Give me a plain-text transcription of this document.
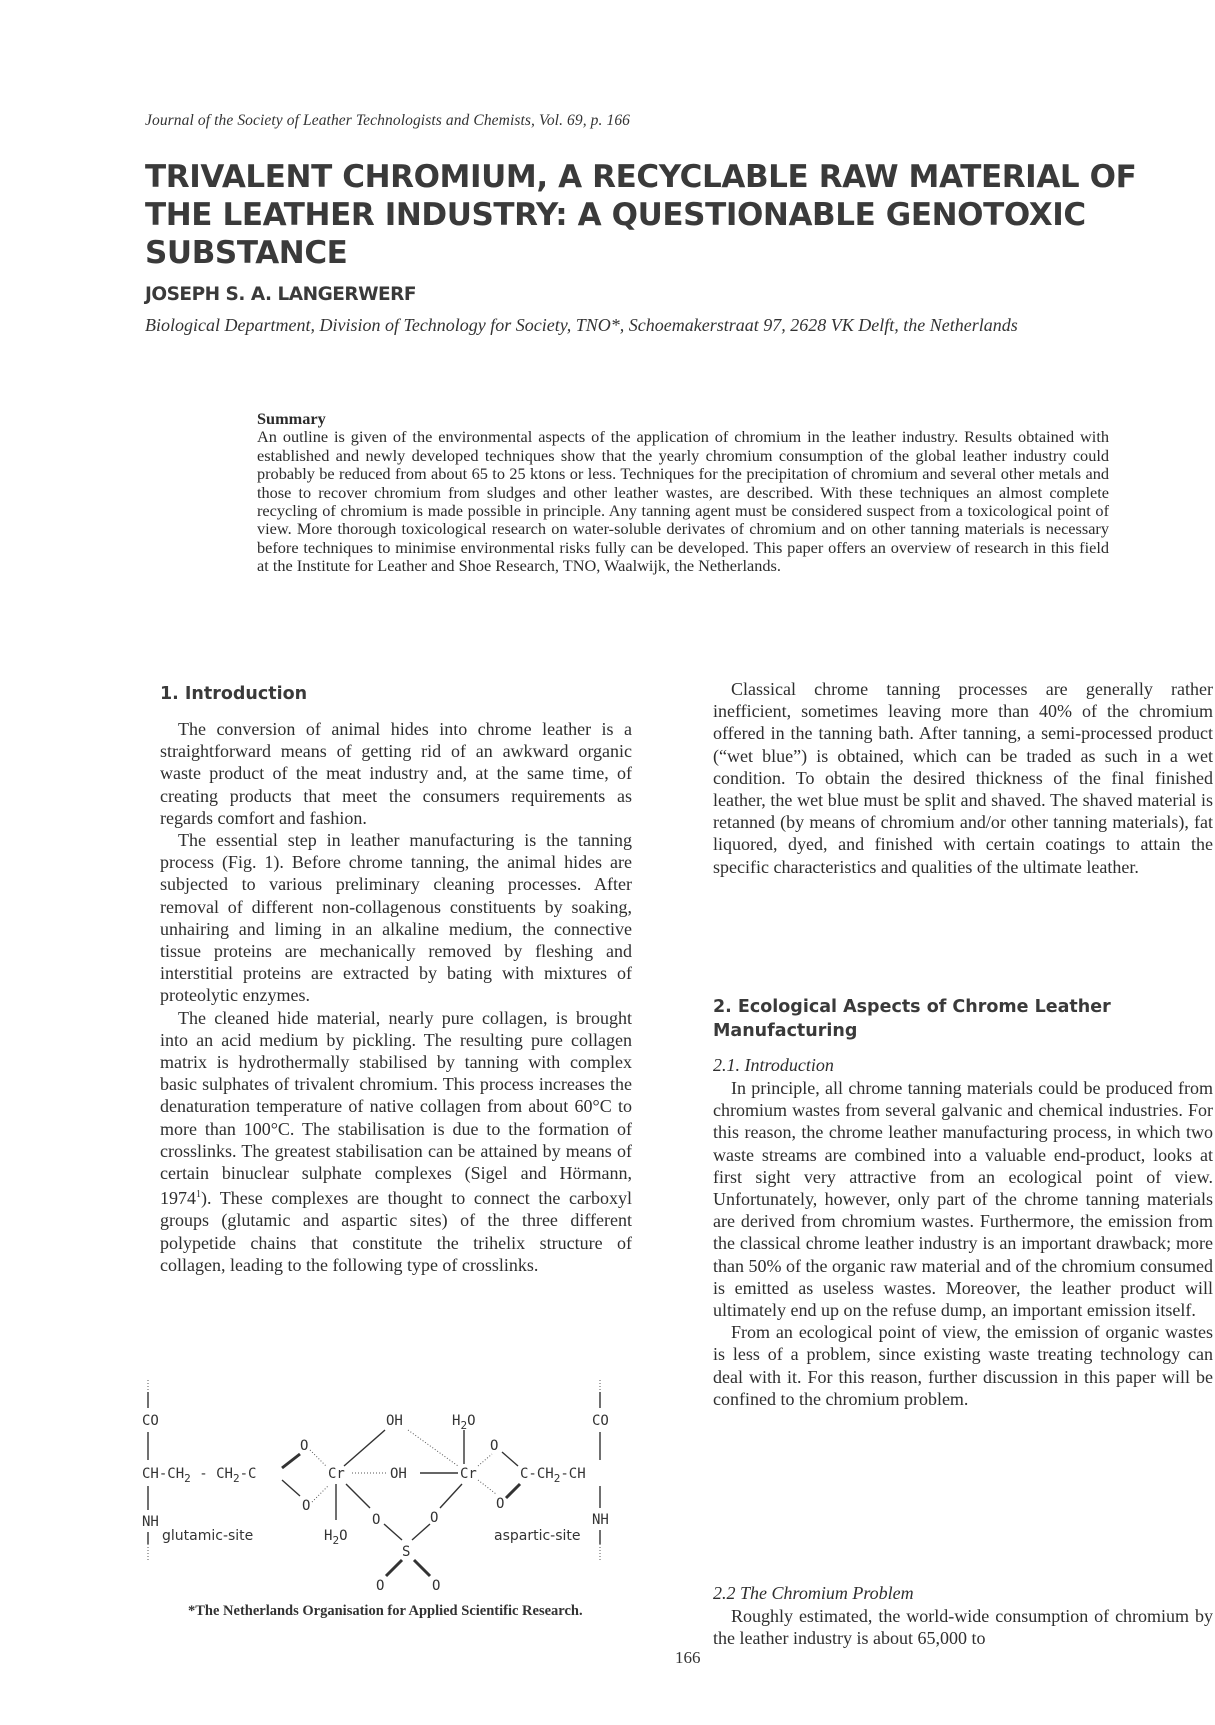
Journal of the Society of Leather Technologists and Chemists, Vol. 69, p. 166
TRIVALENT CHROMIUM, A RECYCLABLE RAW MATERIAL OF THE LEATHER INDUSTRY: A QUESTIONABLE GENOTOXIC SUBSTANCE
JOSEPH S. A. LANGERWERF
Biological Department, Division of Technology for Society, TNO*, Schoemakerstraat 97, 2628 VK Delft, the Netherlands
Summary
An outline is given of the environmental aspects of the application of chromium in the leather industry. Results obtained with established and newly developed techniques show that the yearly chromium consumption of the global leather industry could probably be reduced from about 65 to 25 ktons or less. Techniques for the precipitation of chromium and several other metals and those to recover chromium from sludges and other leather wastes, are described. With these techniques an almost complete recycling of chromium is made possible in principle. Any tanning agent must be considered suspect from a toxicological point of view. More thorough toxicological research on water-soluble derivates of chromium and on other tanning materials is necessary before techniques to minimise environmental risks fully can be developed. This paper offers an overview of research in this field at the Institute for Leather and Shoe Research, TNO, Waalwijk, the Netherlands.
1. Introduction

The conversion of animal hides into chrome leather is a straightforward means of getting rid of an awkward organic waste product of the meat industry and, at the same time, of creating products that meet the consumers requirements as regards comfort and fashion.

The essential step in leather manufacturing is the tanning process (Fig. 1). Before chrome tanning, the animal hides are subjected to various preliminary cleaning processes. After removal of different non-collagenous constituents by soaking, unhairing and liming in an alkaline medium, the connective tissue proteins are mechanically removed by fleshing and interstitial proteins are extracted by bating with mixtures of proteolytic enzymes.

The cleaned hide material, nearly pure collagen, is brought into an acid medium by pickling. The resulting pure collagen matrix is hydrothermally stabilised by tanning with complex basic sulphates of trivalent chromium. This process increases the denaturation temperature of native collagen from about 60°C to more than 100°C. The stabilisation is due to the formation of crosslinks. The greatest stabilisation can be attained by means of certain binuclear sulphate complexes (Sigel and Hörmann, 1974$^1$). These complexes are thought to connect the carboxyl groups (glutamic and aspartic sites) of the three different polypetide chains that constitute the trihelix structure of collagen, leading to the following type of crosslinks.

CO
$CH-CH_2 - CH_2-C$
NH
glutamic-site
O
O
Cr
OH
OH
$H_2O$
O
S
O
O	O
$H_2O$
Cr
O
O
$C-CH_2-CH$
CO
NH
aspartic-site
*The Netherlands Organisation for Applied Scientific Research.

Classical chrome tanning processes are generally rather inefficient, sometimes leaving more than 40% of the chromium offered in the tanning bath. After tanning, a semi-processed product (“wet blue”) is obtained, which can be traded as such in a wet condition. To obtain the desired thickness of the final finished leather, the wet blue must be split and shaved. The shaved material is retanned (by means of chromium and/or other tanning materials), fat liquored, dyed, and finished with certain coatings to attain the specific characteristics and qualities of the ultimate leather.

2. Ecological Aspects of Chrome Leather Manufacturing
2.1. Introduction

In principle, all chrome tanning materials could be produced from chromium wastes from several galvanic and chemical industries. For this reason, the chrome leather manufacturing process, in which two waste streams are combined into a valuable end-product, looks at first sight very attractive from an ecological point of view. Unfortunately, however, only part of the chrome tanning materials are derived from chromium wastes. Furthermore, the emission from the classical chrome leather industry is an important drawback; more than 50% of the organic raw material and of the chromium consumed is emitted as useless wastes. Moreover, the leather product will ultimately end up on the refuse dump, an important emission itself.

From an ecological point of view, the emission of organic wastes is less of a problem, since existing waste treating technology can deal with it. For this reason, further discussion in this paper will be confined to the chromium problem.

2.2 The Chromium Problem

Roughly estimated, the world-wide consumption of chromium by the leather industry is about 65,000 to

166
